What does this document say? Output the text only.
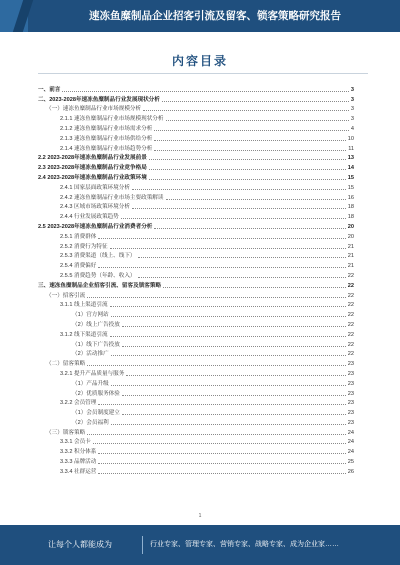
速冻鱼糜制品企业招客引流及留客、锁客策略研究报告
内容目录
一、前言	3
二、2023-2028年速冻鱼糜制品行业发展现状分析	3
（一）速冻鱼糜制品行业市场规模分析	3
2.1.1 速冻鱼糜制品行业市场规模现状分析	3
2.1.2 速冻鱼糜制品行业市场需求分析	4
2.1.3 速冻鱼糜制品行业市场供给分析	10
2.1.4 速冻鱼糜制品行业市场趋势分析	11
2.2 2023-2028年速冻鱼糜制品行业发展前景	13
2.3 2023-2028年速冻鱼糜制品行业竞争格局	14
2.4 2023-2028年速冻鱼糜制品行业政策环境	15
2.4.1 国家层面政策环境分析	15
2.4.2 速冻鱼糜制品行业市场主要政策解读	16
2.4.3 区域市场政策环境分析	18
2.4.4 行业发展政策趋势	18
2.5 2023-2028年速冻鱼糜制品行业消费者分析	20
2.5.1 消费群体	20
2.5.2 消费行为特征	21
2.5.3 消费渠道（线上、线下）	21
2.5.4 消费偏好	21
2.5.5 消费趋势（年龄、收入）	22
三、速冻鱼糜制品企业招客引流、留客及锁客策略	22
（一）招客引流	22
3.1.1 线上渠道引流	22
（1）官方网站	22
（2）线上广告投放	22
3.1.2 线下渠道引流	22
（1）线下广告投放	22
（2）活动推广	22
（二）留客策略	23
3.2.1 提升产品质量与服务	23
（1）产品升级	23
（2）优质服务体验	23
3.2.2 会员管理	23
（1）会员制度建立	23
（2）会员福利	23
（三）锁客策略	24
3.3.1 会员卡	24
3.3.2 积分体系	24
3.3.3 品牌活动	25
3.3.4 社群运营	26
1
让每个人都能成为	行业专家、管理专家、营销专家、战略专家、成为企业家……
